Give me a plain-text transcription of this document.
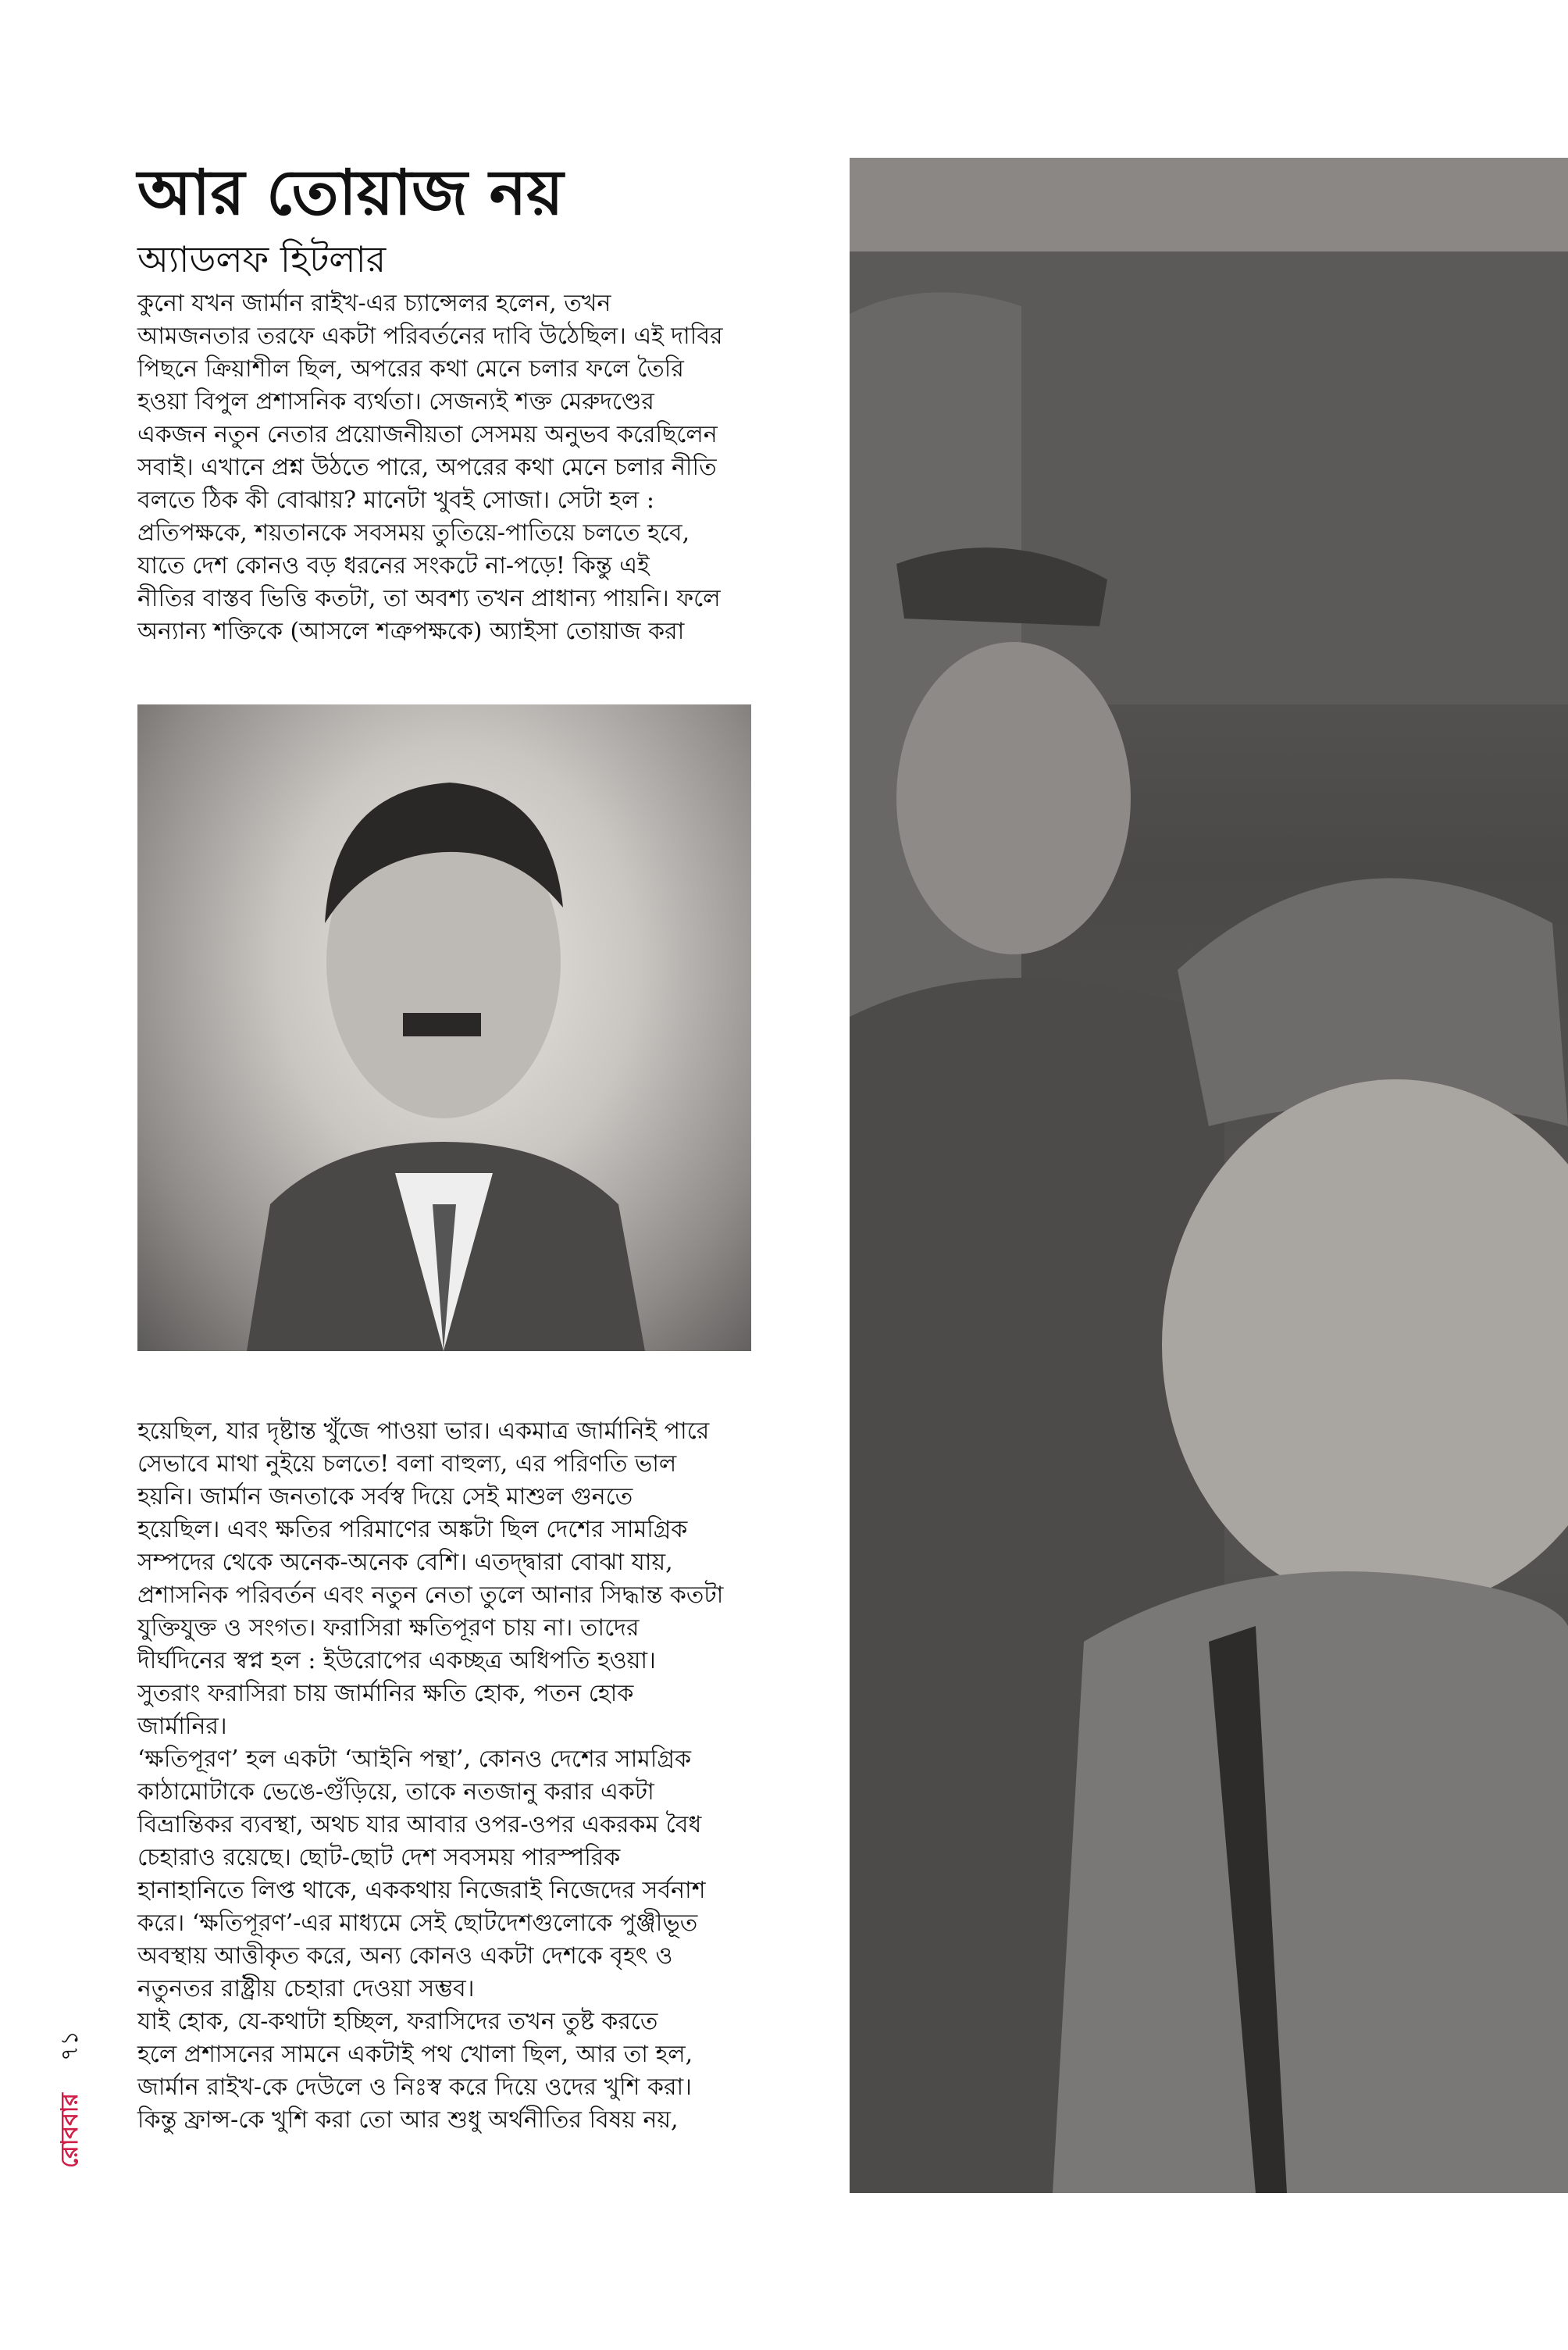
আর তোয়াজ নয়
অ্যাডলফ হিটলার

কুনো যখন জার্মান রাইখ-এর চ্যান্সেলর হলেন, তখন

আমজনতার তরফে একটা পরিবর্তনের দাবি উঠেছিল। এই দাবির

পিছনে ক্রিয়াশীল ছিল, অপরের কথা মেনে চলার ফলে তৈরি

হওয়া বিপুল প্রশাসনিক ব্যর্থতা। সেজন্যই শক্ত মেরুদণ্ডের

একজন নতুন নেতার প্রয়োজনীয়তা সেসময় অনুভব করেছিলেন

সবাই। এখানে প্রশ্ন উঠতে পারে, অপরের কথা মেনে চলার নীতি

বলতে ঠিক কী বোঝায়? মানেটা খুবই সোজা। সেটা হল :

প্রতিপক্ষকে, শয়তানকে সবসময় তুতিয়ে-পাতিয়ে চলতে হবে,

যাতে দেশ কোনও বড় ধরনের সংকটে না-পড়ে! কিন্তু এই

নীতির বাস্তব ভিত্তি কতটা, তা অবশ্য তখন প্রাধান্য পায়নি। ফলে

অন্যান্য শক্তিকে (আসলে শত্রুপক্ষকে) অ্যাইসা তোয়াজ করা

হয়েছিল, যার দৃষ্টান্ত খুঁজে পাওয়া ভার। একমাত্র জার্মানিই পারে

সেভাবে মাথা নুইয়ে চলতে! বলা বাহুল্য, এর পরিণতি ভাল

হয়নি। জার্মান জনতাকে সর্বস্ব দিয়ে সেই মাশুল গুনতে

হয়েছিল। এবং ক্ষতির পরিমাণের অঙ্কটা ছিল দেশের সামগ্রিক

সম্পদের থেকে অনেক-অনেক বেশি। এতদ্দ্বারা বোঝা যায়,

প্রশাসনিক পরিবর্তন এবং নতুন নেতা তুলে আনার সিদ্ধান্ত কতটা

যুক্তিযুক্ত ও সংগত। ফরাসিরা ক্ষতিপূরণ চায় না। তাদের

দীর্ঘদিনের স্বপ্ন হল : ইউরোপের একচ্ছত্র অধিপতি হওয়া।

সুতরাং ফরাসিরা চায় জার্মানির ক্ষতি হোক, পতন হোক

জার্মানির।

‘ক্ষতিপূরণ’ হল একটা ‘আইনি পন্থা’, কোনও দেশের সামগ্রিক

কাঠামোটাকে ভেঙে-গুঁড়িয়ে, তাকে নতজানু করার একটা

বিভ্রান্তিকর ব্যবস্থা, অথচ যার আবার ওপর-ওপর একরকম বৈধ

চেহারাও রয়েছে। ছোট-ছোট দেশ সবসময় পারস্পরিক

হানাহানিতে লিপ্ত থাকে, এককথায় নিজেরাই নিজেদের সর্বনাশ

করে। ‘ক্ষতিপূরণ’-এর মাধ্যমে সেই ছোটদেশগুলোকে পুঞ্জীভূত

অবস্থায় আত্তীকৃত করে, অন্য কোনও একটা দেশকে বৃহৎ ও

নতুনতর রাষ্ট্রীয় চেহারা দেওয়া সম্ভব।

যাই হোক, যে-কথাটা হচ্ছিল, ফরাসিদের তখন তুষ্ট করতে

হলে প্রশাসনের সামনে একটাই পথ খোলা ছিল, আর তা হল,

জার্মান রাইখ-কে দেউলে ও নিঃস্ব করে দিয়ে ওদের খুশি করা।

কিন্তু ফ্রান্স-কে খুশি করা তো আর শুধু অর্থনীতির বিষয় নয়,

৭১
রোববার
